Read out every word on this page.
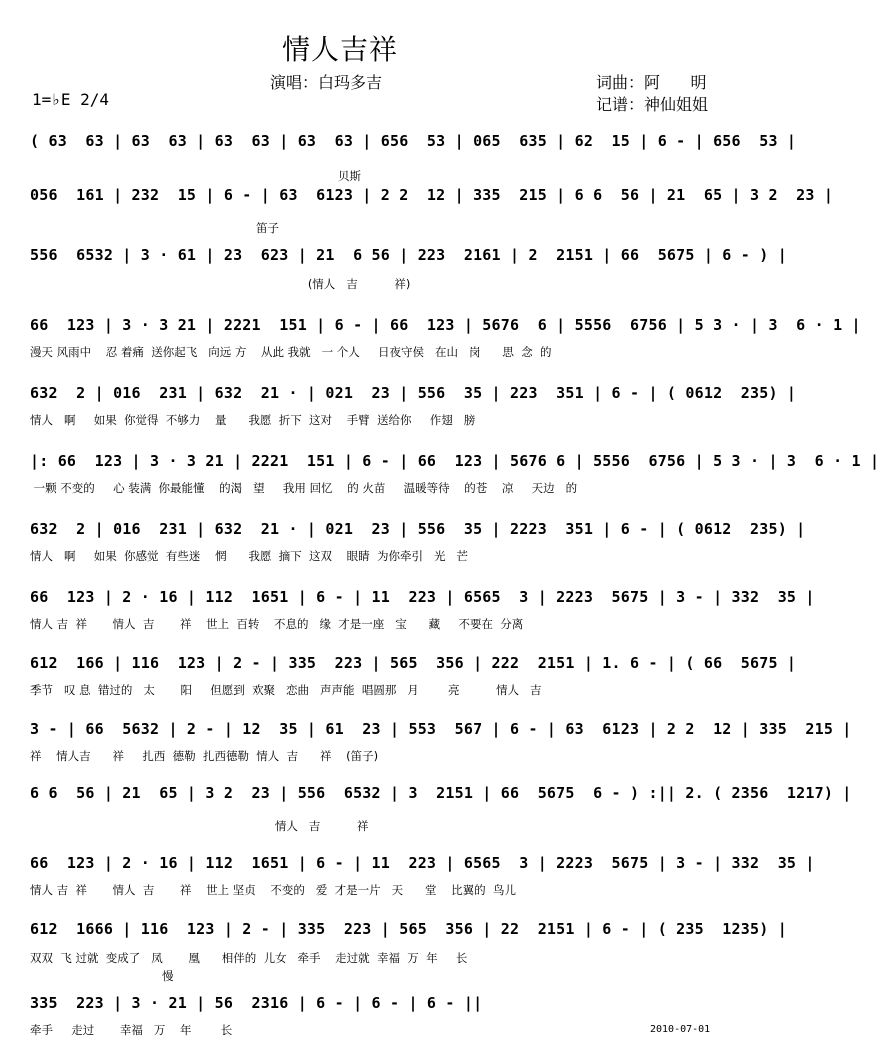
情人吉祥
演唱：白玛多吉	词曲：阿      明
记谱：神仙姐姐
1=♭E 2/4
( 63  63 | 63  63 | 63  63 | 63  63 | 656  53 | 065  635 | 62  15 | 6 - | 656  53 |
贝斯
056  161 | 232  15 | 6 - | 63  6123 | 2 2  12 | 335  215 | 6 6  56 | 21  65 | 3 2  23 |
笛子
556  6532 | 3 · 61 | 23  623 | 21  6 56 | 223  2161 | 2  2151 | 66  5675 | 6 - ) |
(情人   吉          祥)
66  123 | 3 · 3 21 | 2221  151 | 6 - | 66  123 | 5676  6 | 5556  6756 | 5 3 · | 3  6 · 1 |
漫天 风雨中    忍 着痛  送你起飞   向远 方    从此 我就   一 个人     日夜守侯   在山   岗      思  念  的
632  2 | 016  231 | 632  21 · | 021  23 | 556  35 | 223  351 | 6 - | ( 0612  235) |
情人   啊     如果  你觉得  不够力    量      我愿  折下  这对    手臂  送给你     作翅   膀
|: 66  123 | 3 · 3 21 | 2221  151 | 6 - | 66  123 | 5676 6 | 5556  6756 | 5 3 · | 3  6 · 1 |
一颗 不变的     心 装满  你最能懂    的渴   望     我用 回忆    的 火苗     温暖等待    的苍    凉     天边   的
632  2 | 016  231 | 632  21 · | 021  23 | 556  35 | 2223  351 | 6 - | ( 0612  235) |
情人   啊     如果  你感觉  有些迷    惘      我愿  摘下  这双    眼睛  为你牵引   光   芒
66  123 | 2 · 16 | 112  1651 | 6 - | 11  223 | 6565  3 | 2223  5675 | 3 - | 332  35 |
情人 吉  祥       情人  吉       祥    世上  百转    不息的   缘  才是一座   宝      藏     不要在  分离
612  166 | 116  123 | 2 - | 335  223 | 565  356 | 222  2151 | 1. 6 - | ( 66  5675 |
季节   叹 息  错过的   太       阳     但愿到  欢聚   恋曲   声声能  唱圆那   月        亮          情人   吉
3 - | 66  5632 | 2 - | 12  35 | 61  23 | 553  567 | 6 - | 63  6123 | 2 2  12 | 335  215 |
祥    情人吉      祥     扎西  德勒  扎西德勒  情人  吉      祥    (笛子)
6 6  56 | 21  65 | 3 2  23 | 556  6532 | 3  2151 | 66  5675  6 - ) :|| 2. ( 2356  1217) |
情人   吉          祥
66  123 | 2 · 16 | 112  1651 | 6 - | 11  223 | 6565  3 | 2223  5675 | 3 - | 332  35 |
情人 吉  祥       情人  吉       祥    世上 坚贞    不变的   爱  才是一片   天      堂    比翼的  鸟儿
612  1666 | 116  123 | 2 - | 335  223 | 565  356 | 22  2151 | 6 - | ( 235  1235) |
双双  飞 过就  变成了   凤       凰      相伴的  儿女   牵手    走过就  幸福  万  年     长
慢
335  223 | 3 · 21 | 56  2316 | 6 - | 6 - | 6 - ||
牵手     走过       幸福   万    年        长	2010-07-01
